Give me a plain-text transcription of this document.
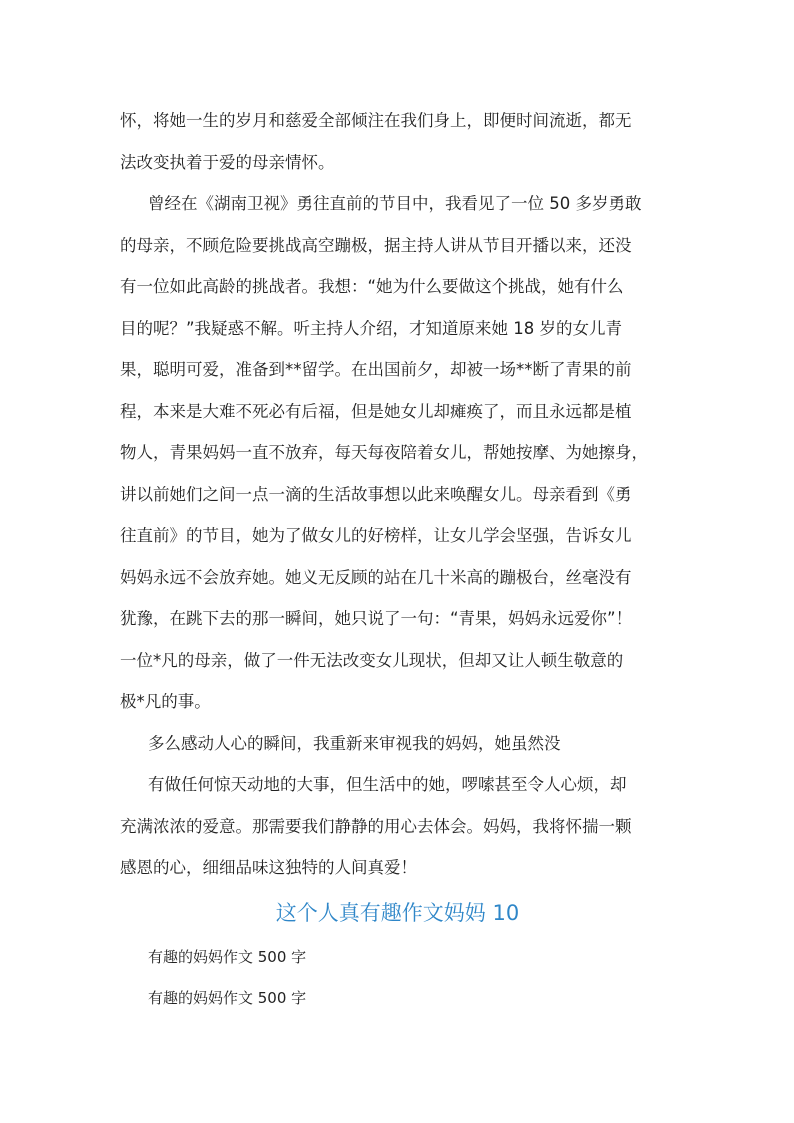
怀，将她一生的岁月和慈爱全部倾注在我们身上，即便时间流逝，都无
法改变执着于爱的母亲情怀。
曾经在《湖南卫视》勇往直前的节目中，我看见了一位 50 多岁勇敢
的母亲，不顾危险要挑战高空蹦极，据主持人讲从节目开播以来，还没
有一位如此高龄的挑战者。我想：“她为什么要做这个挑战，她有什么
目的呢？”我疑惑不解。听主持人介绍，才知道原来她 18 岁的女儿青
果，聪明可爱，准备到**留学。在出国前夕，却被一场**断了青果的前
程，本来是大难不死必有后福，但是她女儿却瘫痪了，而且永远都是植
物人，青果妈妈一直不放弃，每天每夜陪着女儿，帮她按摩、为她擦身，
讲以前她们之间一点一滴的生活故事想以此来唤醒女儿。母亲看到《勇
往直前》的节目，她为了做女儿的好榜样，让女儿学会坚强，告诉女儿
妈妈永远不会放弃她。她义无反顾的站在几十米高的蹦极台，丝毫没有
犹豫，在跳下去的那一瞬间，她只说了一句：“青果，妈妈永远爱你”！
一位*凡的母亲，做了一件无法改变女儿现状，但却又让人顿生敬意的
极*凡的事。
多么感动人心的瞬间，我重新来审视我的妈妈，她虽然没
有做任何惊天动地的大事，但生活中的她，啰嗦甚至令人心烦，却
充满浓浓的爱意。那需要我们静静的用心去体会。妈妈，我将怀揣一颗
感恩的心，细细品味这独特的人间真爱！
这个人真有趣作文妈妈 10
有趣的妈妈作文 500 字
有趣的妈妈作文 500 字
